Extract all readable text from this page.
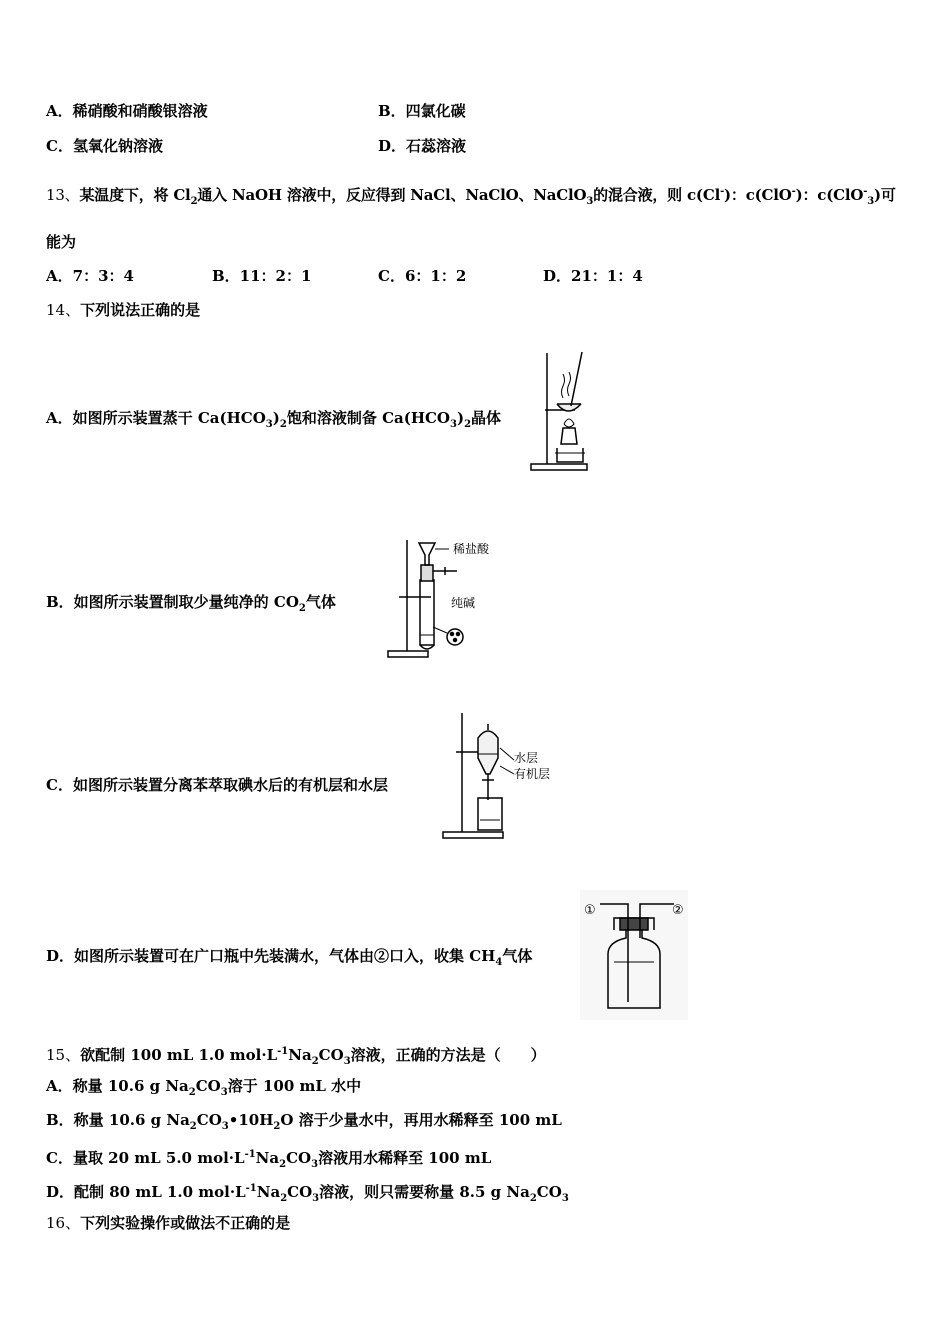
A．稀硝酸和硝酸银溶液	B．四氯化碳
C．氢氧化钠溶液	D．石蕊溶液
13、某温度下，将 $Cl_2$通入 NaOH 溶液中，反应得到 NaCl、NaClO、NaClO$_3$的混合液，则 c(Cl-)：c(ClO-)：c(ClO-$_3$)可
能为
A．7：3：4	B．11：2：1	C．6：1：2	D．21：1：4
14、下列说法正确的是
A．如图所示装置蒸干 $Ca(HCO_3)_2$饱和溶液制备 $Ca(HCO_3)_2$晶体
B．如图所示装置制取少量纯净的 $CO_2$气体
稀盐酸
纯碱
C．如图所示装置分离苯萃取碘水后的有机层和水层
水层
有机层
D．如图所示装置可在广口瓶中先装满水，气体由②口入，收集 $CH_4$气体
①	②
15、欲配制 100 mL 1.0 $mol\cdot L^{-1}Na_2CO_3$溶液，正确的方法是（　　）
A．称量 10.6 g $Na_2CO_3$溶于 100 mL 水中
B．称量 10.6 g $Na_2CO_3•10H_2O$ 溶于少量水中，再用水稀释至 100 mL
C．量取 20 mL 5.0 $mol\cdot L^{-1}Na_2CO_3$溶液用水稀释至 100 mL
D．配制 80 mL 1.0 $mol\cdot L^{-1}Na_2CO_3$溶液，则只需要称量 8.5 g $Na_2CO_3$
16、下列实验操作或做法不正确的是
